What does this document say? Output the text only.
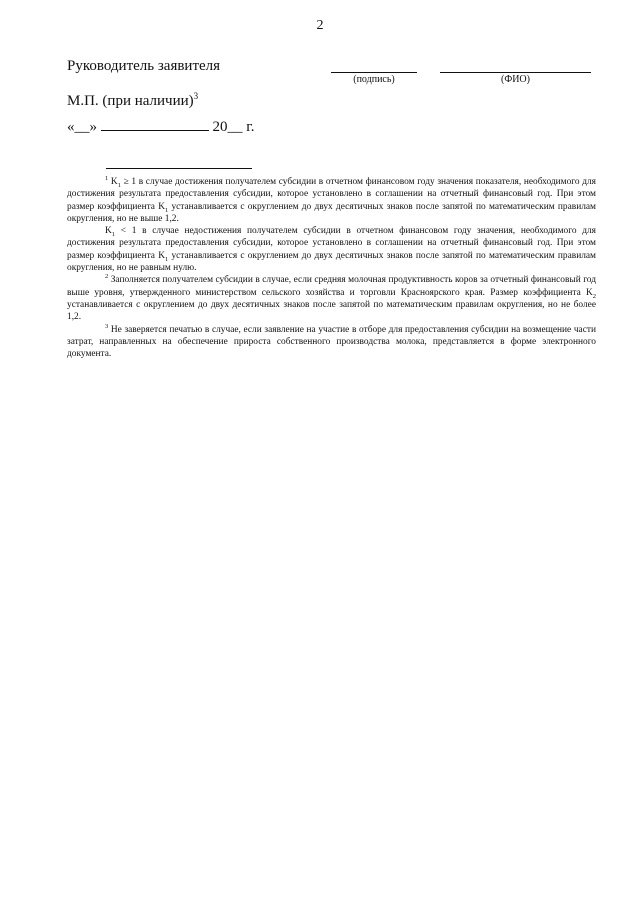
2
Руководитель заявителя
(подпись)	(ФИО)
М.П. (при наличии)$^3$
«__»	20__ г.

$^1$ $K_1 \ge 1$ в случае достижения получателем субсидии в отчетном финансовом году значения показателя, необходимого для достижения результата предоставления субсидии, которое установлено в соглашении на отчетный финансовый год. При этом размер коэффициента $K_1$ устанавливается с округлением до двух десятичных знаков после запятой по математическим правилам округления, но не выше 1,2.

$K_1 < 1$ в случае недостижения получателем субсидии в отчетном финансовом году значения, необходимого для достижения результата предоставления субсидии, которое установлено в соглашении на отчетный финансовый год. При этом размер коэффициента $K_1$ устанавливается с округлением до двух десятичных знаков после запятой по математическим правилам округления, но не равным нулю.

$^2$ Заполняется получателем субсидии в случае, если средняя молочная продуктивность коров за отчетный финансовый год выше уровня, утвержденного министерством сельского хозяйства и торговли Красноярского края. Размер коэффициента $K_2$ устанавливается с округлением до двух десятичных знаков после запятой по математическим правилам округления, но не более 1,2.

$^3$ Не заверяется печатью в случае, если заявление на участие в отборе для предоставления субсидии на возмещение части затрат, направленных на обеспечение прироста собственного производства молока, представляется в форме электронного документа.
